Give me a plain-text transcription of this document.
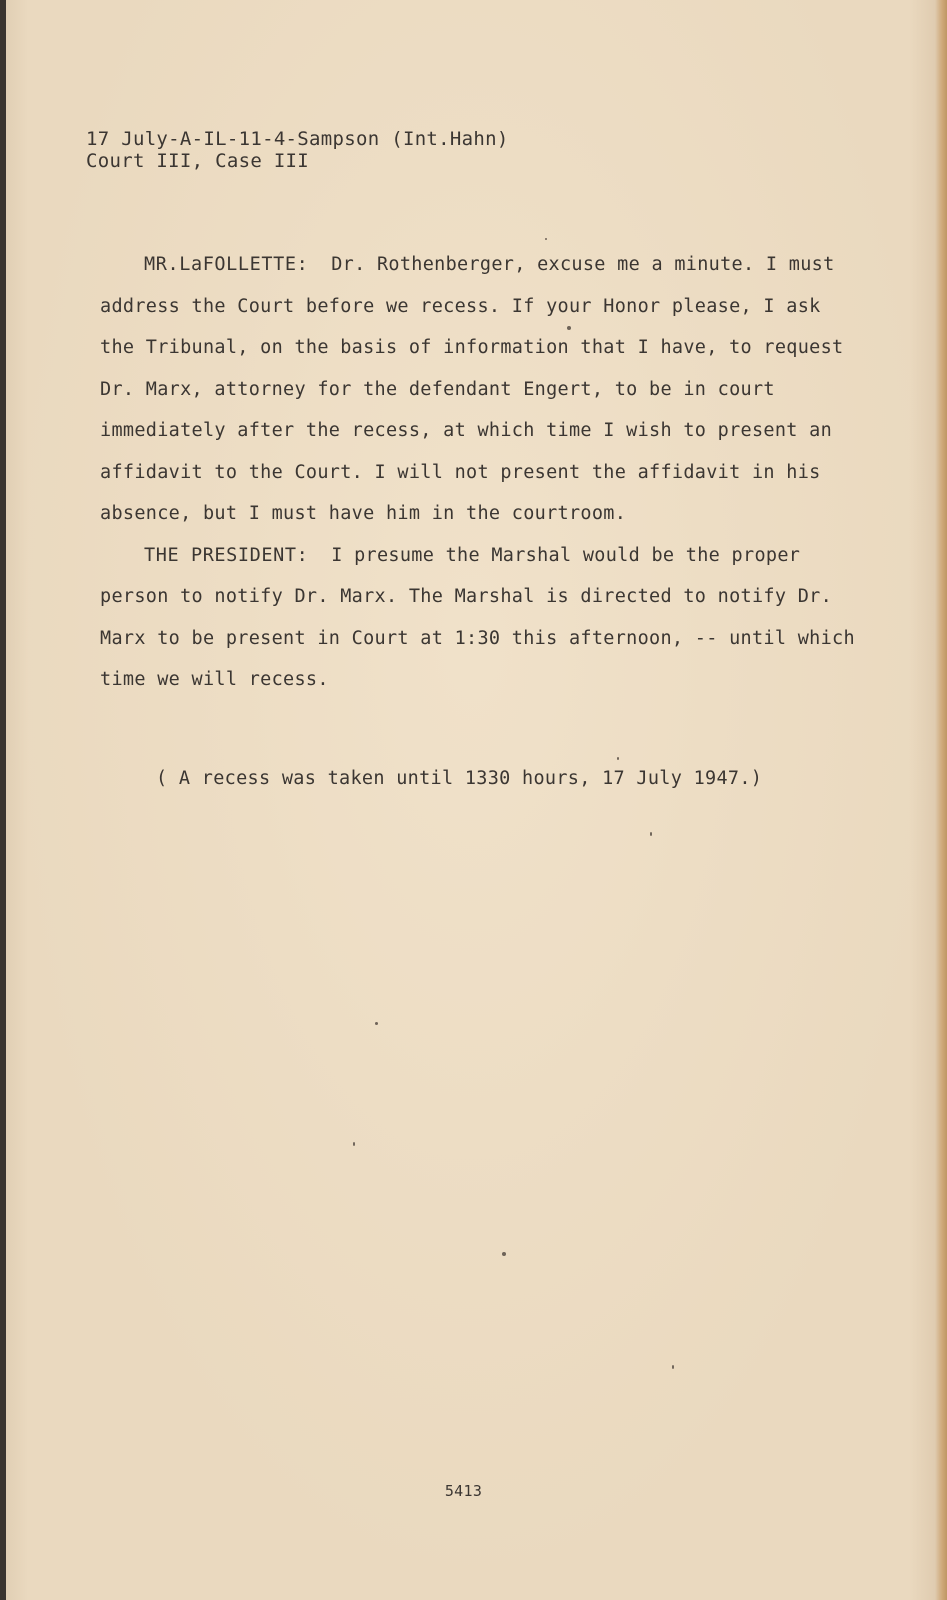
17 July-A-IL-11-4-Sampson (Int.Hahn)
Court III, Case III

MR.LaFOLLETTE: Dr. Rothenberger, excuse me a minute. I must address the Court before we recess. If your Honor please, I ask the Tribunal, on the basis of information that I have, to request Dr. Marx, attorney for the defendant Engert, to be in court immediately after the recess, at which time I wish to present an affidavit to the Court. I will not present the affidavit in his absence, but I must have him in the courtroom.

THE PRESIDENT: I presume the Marshal would be the proper person to notify Dr. Marx. The Marshal is directed to notify Dr. Marx to be present in Court at 1:30 this afternoon, -- until which time we will recess.

( A recess was taken until 1330 hours, 17 July 1947.)
5413
